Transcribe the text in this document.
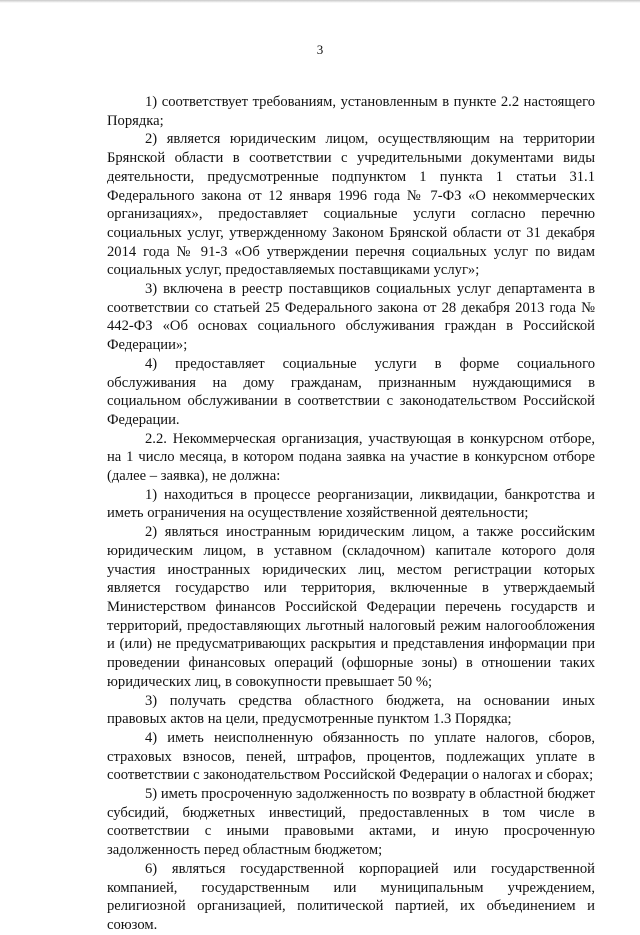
3

1) соответствует требованиям, установленным в пункте 2.2 настоящего Порядка;

2) является юридическим лицом, осуществляющим на территории Брянской области в соответствии с учредительными документами виды деятельности, предусмотренные подпунктом 1 пункта 1 статьи 31.1 Федерального закона от 12 января 1996 года № 7-ФЗ «О некоммерческих организациях», предоставляет социальные услуги согласно перечню социальных услуг, утвержденному Законом Брянской области от 31 декабря 2014 года № 91-З «Об утверждении перечня социальных услуг по видам социальных услуг, предоставляемых поставщиками услуг»;

3) включена в реестр поставщиков социальных услуг департамента в соответствии со статьей 25 Федерального закона от 28 декабря 2013 года № 442-ФЗ «Об основах социального обслуживания граждан в Российской Федерации»;

4) предоставляет социальные услуги в форме социального обслуживания на дому гражданам, признанным нуждающимися в социальном обслуживании в соответствии с законодательством Российской Федерации.

2.2. Некоммерческая организация, участвующая в конкурсном отборе, на 1 число месяца, в котором подана заявка на участие в конкурсном отборе (далее – заявка), не должна:

1) находиться в процессе реорганизации, ликвидации, банкротства и иметь ограничения на осуществление хозяйственной деятельности;

2) являться иностранным юридическим лицом, а также российским юридическим лицом, в уставном (складочном) капитале которого доля участия иностранных юридических лиц, местом регистрации которых является государство или территория, включенные в утверждаемый Министерством финансов Российской Федерации перечень государств и территорий, предоставляющих льготный налоговый режим налогообложения и (или) не предусматривающих раскрытия и представления информации при проведении финансовых операций (офшорные зоны) в отношении таких юридических лиц, в совокупности превышает 50 %;

3) получать средства областного бюджета, на основании иных правовых актов на цели, предусмотренные пунктом 1.3 Порядка;

4) иметь неисполненную обязанность по уплате налогов, сборов, страховых взносов, пеней, штрафов, процентов, подлежащих уплате в соответствии с законодательством Российской Федерации о налогах и сборах;

5) иметь просроченную задолженность по возврату в областной бюджет субсидий, бюджетных инвестиций, предоставленных в том числе в соответствии с иными правовыми актами, и иную просроченную задолженность перед областным бюджетом;

6) являться государственной корпорацией или государственной компанией, государственным или муниципальным учреждением, религиозной организацией, политической партией, их объединением и союзом.
